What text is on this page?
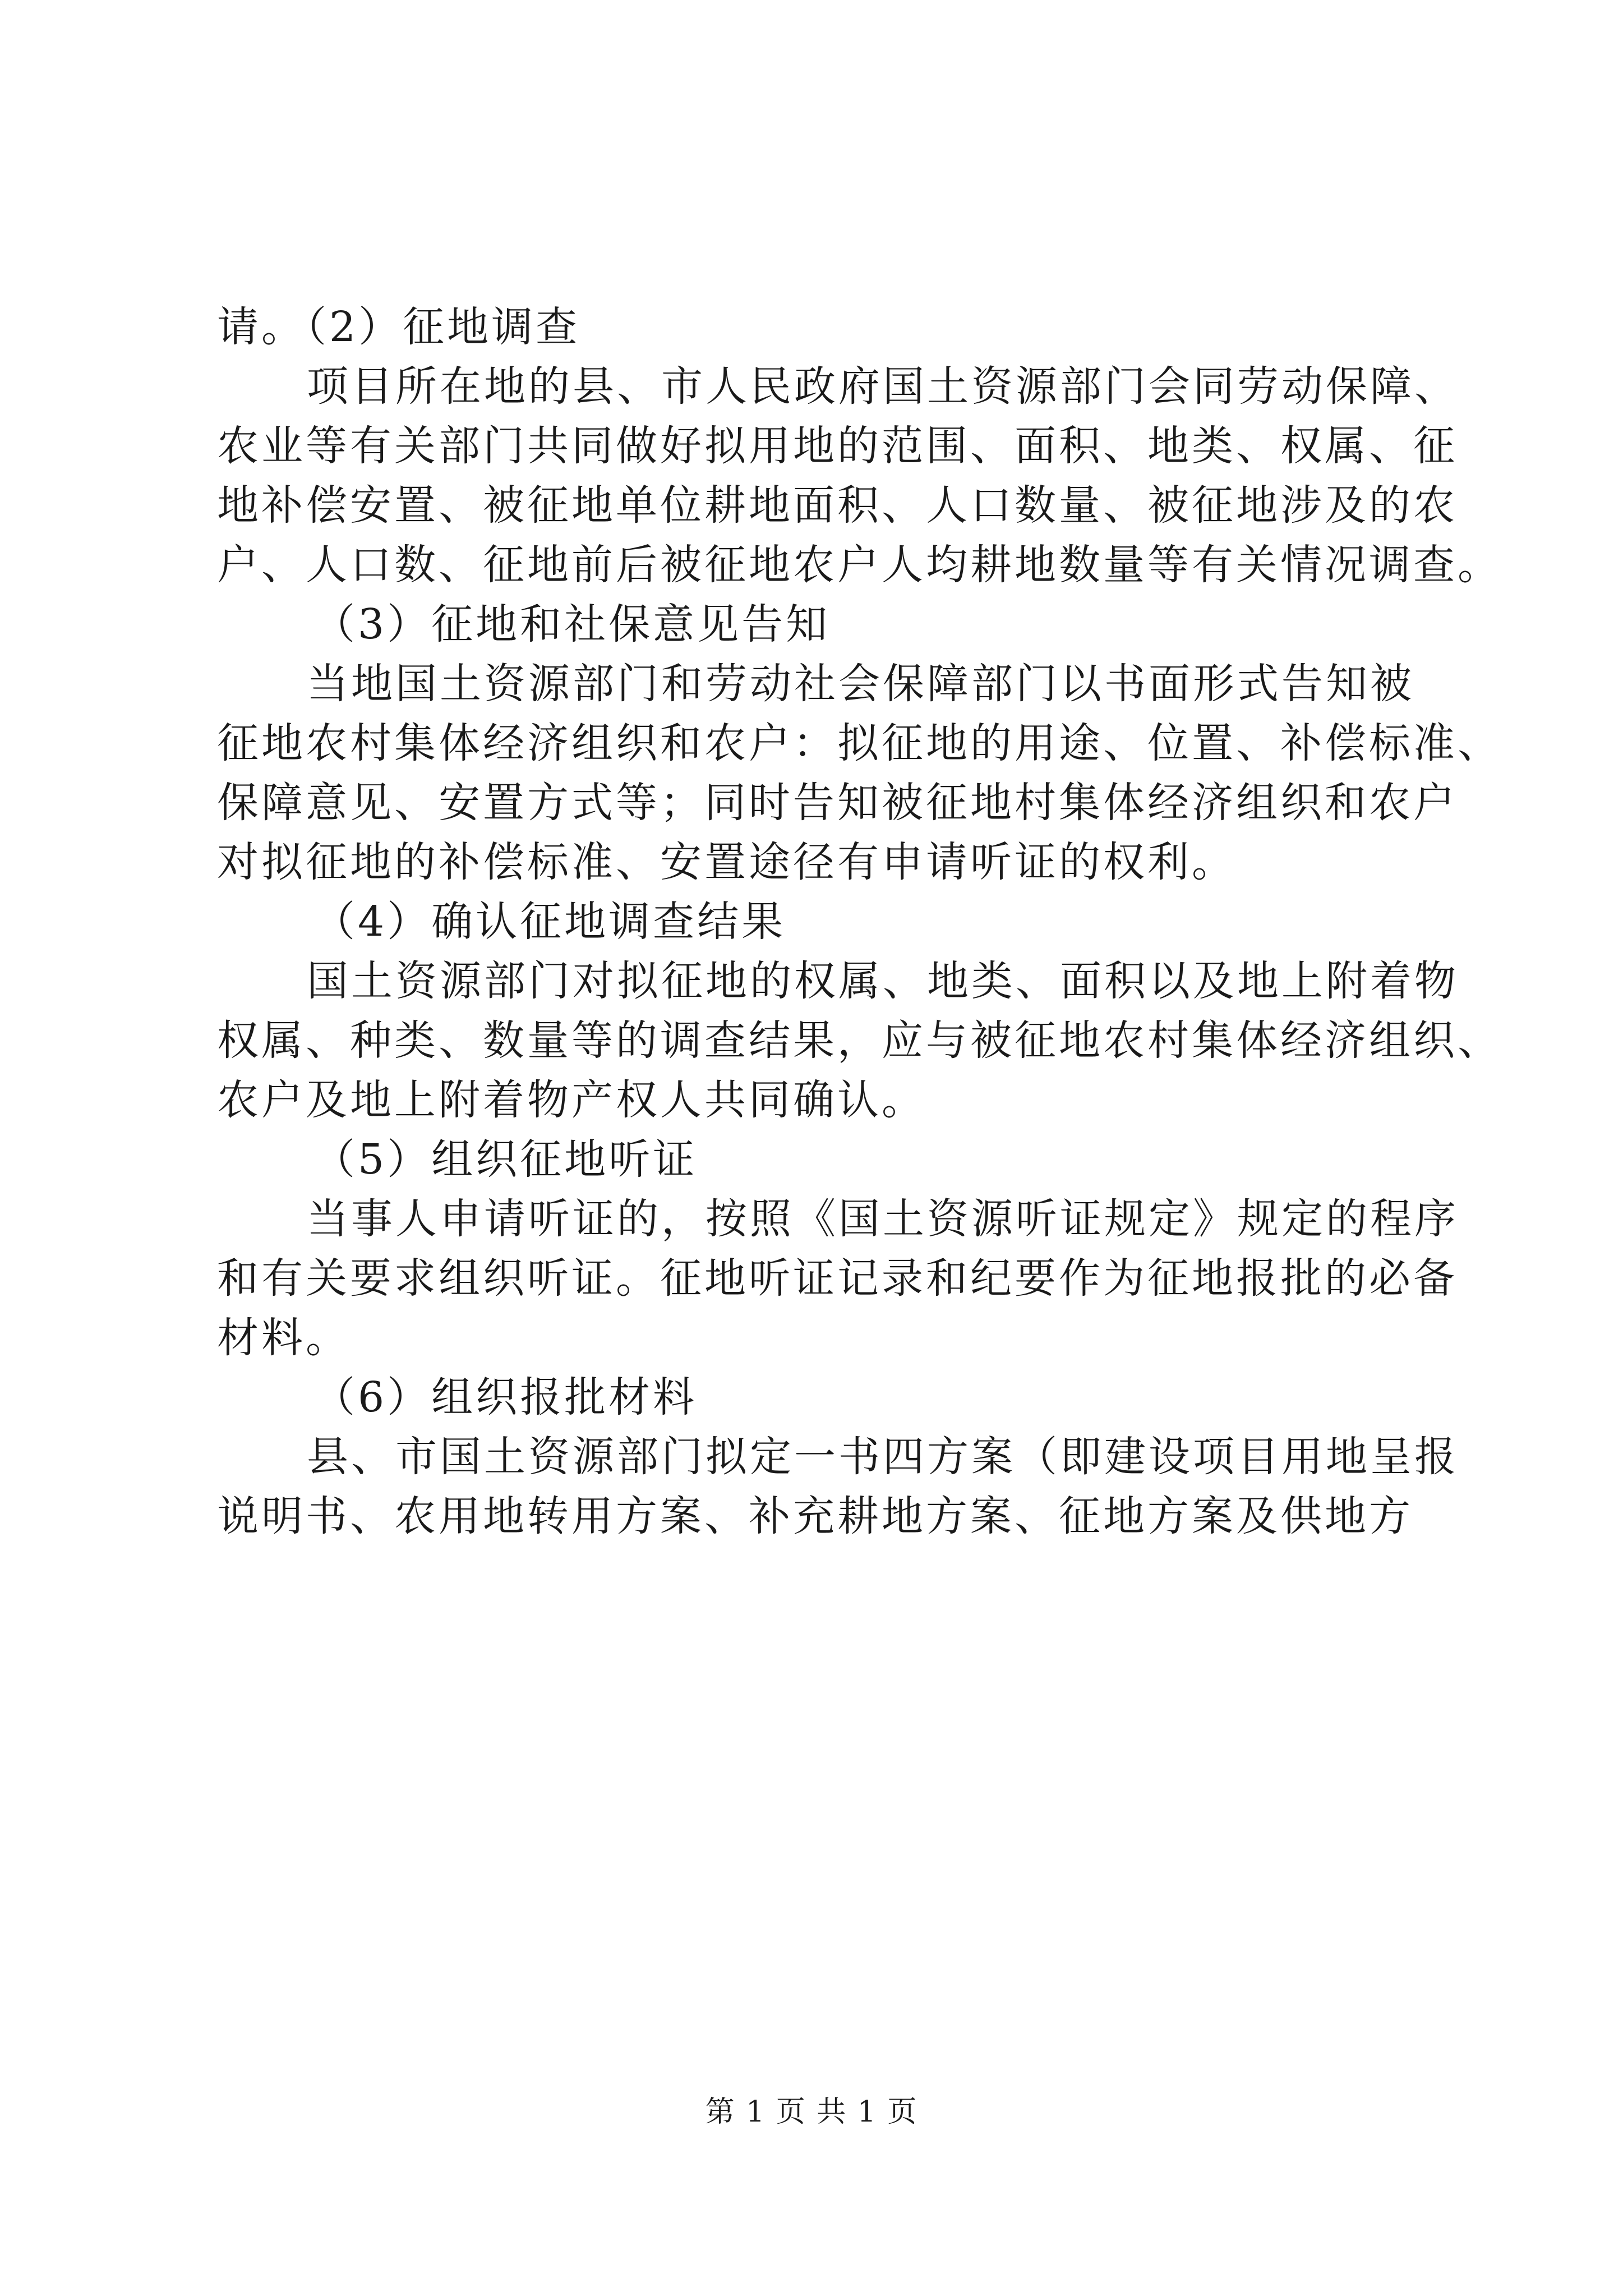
请。（2）征地调查
项目所在地的县、市人民政府国土资源部门会同劳动保障、
农业等有关部门共同做好拟用地的范围、面积、地类、权属、征
地补偿安置、被征地单位耕地面积、人口数量、被征地涉及的农
户、人口数、征地前后被征地农户人均耕地数量等有关情况调查。
（3）征地和社保意见告知
当地国土资源部门和劳动社会保障部门以书面形式告知被
征地农村集体经济组织和农户：拟征地的用途、位置、补偿标准、
保障意见、安置方式等；同时告知被征地村集体经济组织和农户
对拟征地的补偿标准、安置途径有申请听证的权利。
（4）确认征地调查结果
国土资源部门对拟征地的权属、地类、面积以及地上附着物
权属、种类、数量等的调查结果，应与被征地农村集体经济组织、
农户及地上附着物产权人共同确认。
（5）组织征地听证
当事人申请听证的，按照《国土资源听证规定》规定的程序
和有关要求组织听证。征地听证记录和纪要作为征地报批的必备
材料。
（6）组织报批材料
县、市国土资源部门拟定一书四方案（即建设项目用地呈报
说明书、农用地转用方案、补充耕地方案、征地方案及供地方
第 1 页 共 1 页
